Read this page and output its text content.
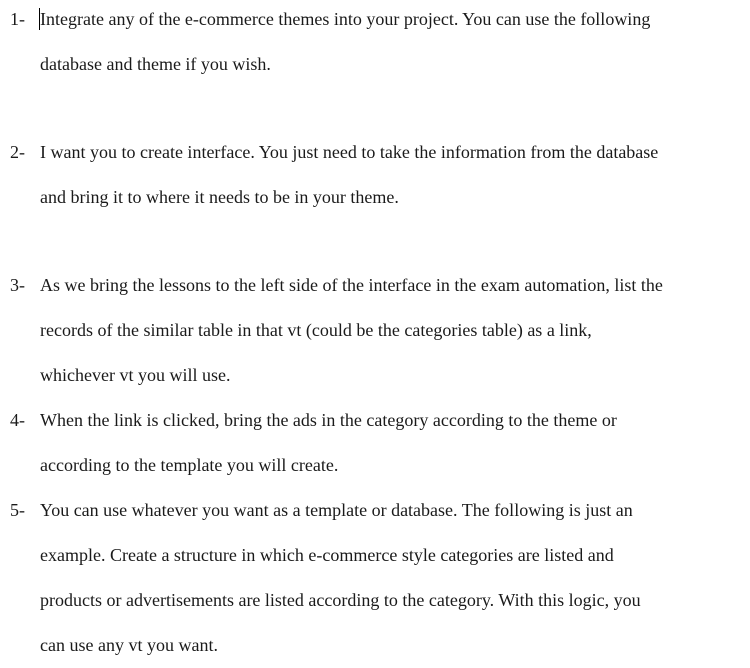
1- Integrate any of the e-commerce themes into your project. You can use the following
database and theme if you wish.
2- I want you to create interface. You just need to take the information from the database
and bring it to where it needs to be in your theme.
3- As we bring the lessons to the left side of the interface in the exam automation, list the
records of the similar table in that vt (could be the categories table) as a link,
whichever vt you will use.
4- When the link is clicked, bring the ads in the category according to the theme or
according to the template you will create.
5- You can use whatever you want as a template or database. The following is just an
example. Create a structure in which e-commerce style categories are listed and
products or advertisements are listed according to the category. With this logic, you
can use any vt you want.
